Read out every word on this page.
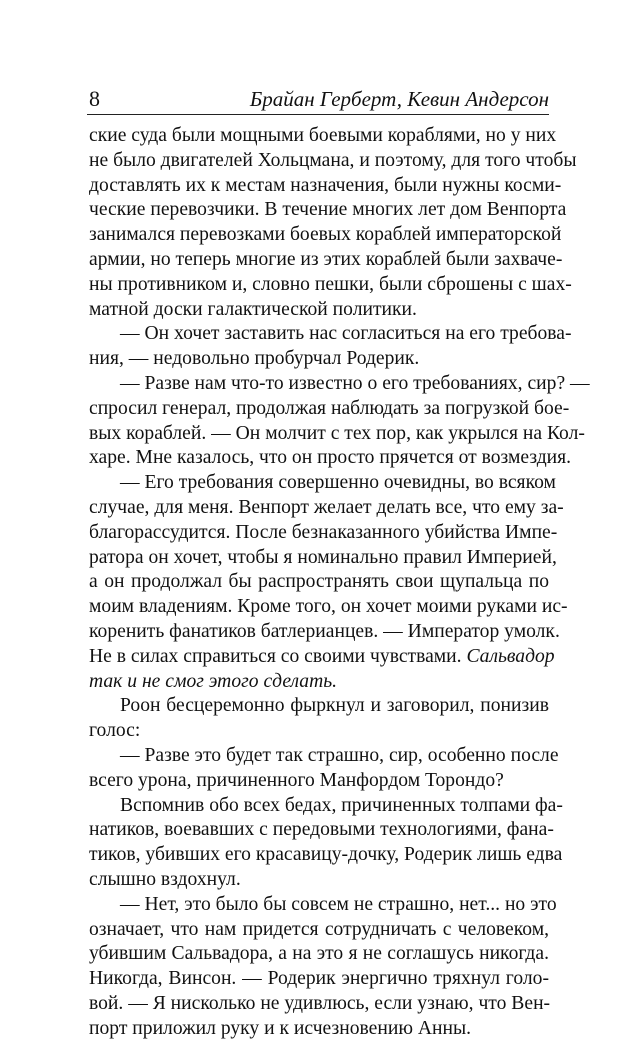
8	Брайан Герберт, Кевин Андерсон

ские суда были мощными боевыми кораблями, но у них

не было двигателей Хольцмана, и поэтому, для того чтобы

доставлять их к местам назначения, были нужны косми-

ческие перевозчики. В течение многих лет дом Венпорта

занимался перевозками боевых кораблей императорской

армии, но теперь многие из этих кораблей были захваче-

ны противником и, словно пешки, были сброшены с шах-

матной доски галактической политики.

— Он хочет заставить нас согласиться на его требова-

ния, — недовольно пробурчал Родерик.

— Разве нам что-то известно о его требованиях, сир? —

спросил генерал, продолжая наблюдать за погрузкой бое-

вых кораблей. — Он молчит с тех пор, как укрылся на Кол-

харе. Мне казалось, что он просто прячется от возмездия.

— Его требования совершенно очевидны, во всяком

случае, для меня. Венпорт желает делать все, что ему за-

благорассудится. После безнаказанного убийства Импе-

ратора он хочет, чтобы я номинально правил Империей,

а он продолжал бы распространять свои щупальца по

моим владениям. Кроме того, он хочет моими руками ис-

коренить фанатиков батлерианцев. — Император умолк.

Не в силах справиться со своими чувствами. Сальвадор

так и не смог этого сделать.

Роон бесцеремонно фыркнул и заговорил, понизив

голос:

— Разве это будет так страшно, сир, особенно после

всего урона, причиненного Манфордом Торондо?

Вспомнив обо всех бедах, причиненных толпами фа-

натиков, воевавших с передовыми технологиями, фана-

тиков, убивших его красавицу-дочку, Родерик лишь едва

слышно вздохнул.

— Нет, это было бы совсем не страшно, нет... но это

означает, что нам придется сотрудничать с человеком,

убившим Сальвадора, а на это я не соглашусь никогда.

Никогда, Винсон. — Родерик энергично тряхнул голо-

вой. — Я нисколько не удивлюсь, если узнаю, что Вен-

порт приложил руку и к исчезновению Анны.
